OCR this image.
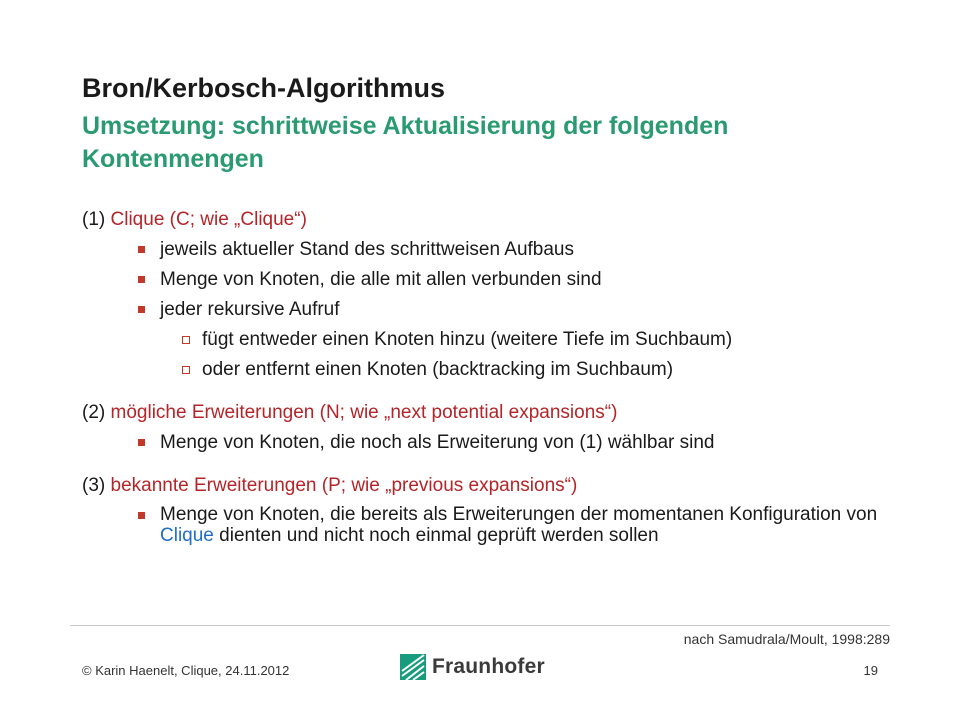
Bron/Kerbosch-Algorithmus
Umsetzung: schrittweise Aktualisierung der folgenden Kontenmengen

(1) Clique (C; wie „Clique“)

jeweils aktueller Stand des schrittweisen Aufbaus
Menge von Knoten, die alle mit allen verbunden sind
jeder rekursive Aufruf
fügt entweder einen Knoten hinzu (weitere Tiefe im Suchbaum)
oder entfernt einen Knoten (backtracking im Suchbaum)

(2) mögliche Erweiterungen (N; wie „next potential expansions“)

Menge von Knoten, die noch als Erweiterung von (1) wählbar sind

(3) bekannte Erweiterungen (P; wie „previous expansions“)

Menge von Knoten, die bereits als Erweiterungen der momentanen Konfiguration von Clique dienten und nicht noch einmal geprüft werden sollen
nach Samudrala/Moult, 1998:289
© Karin Haenelt, Clique, 24.11.2012	Fraunhofer	19
